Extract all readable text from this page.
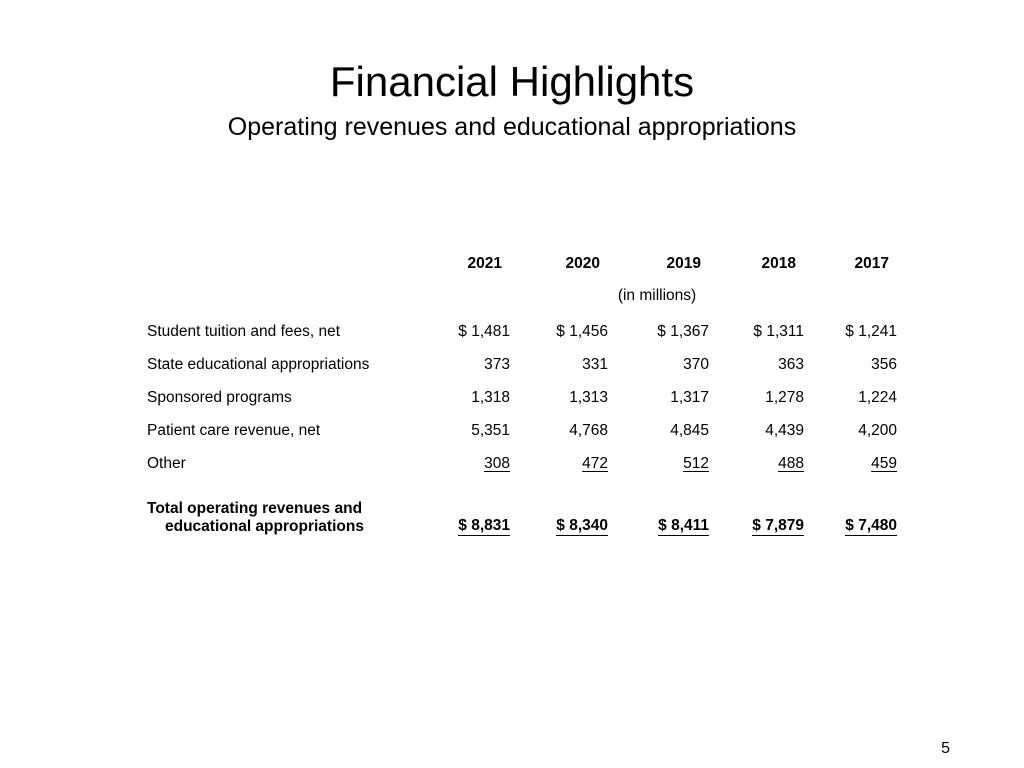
Financial Highlights
Operating revenues and educational appropriations
	2021	2020	2019	2018	2017
	(in millions)				
Student tuition and fees, net	$ 1,481	$ 1,456	$ 1,367	$ 1,311	$ 1,241
State educational appropriations	373	331	370	363	356
Sponsored programs	1,318	1,313	1,317	1,278	1,224
Patient care revenue, net	5,351	4,768	4,845	4,439	4,200
Other	308	472	512	488	459
Total operating revenues and
educational appropriations	$ 8,831	$ 8,340	$ 8,411	$ 7,879	$ 7,480
5
